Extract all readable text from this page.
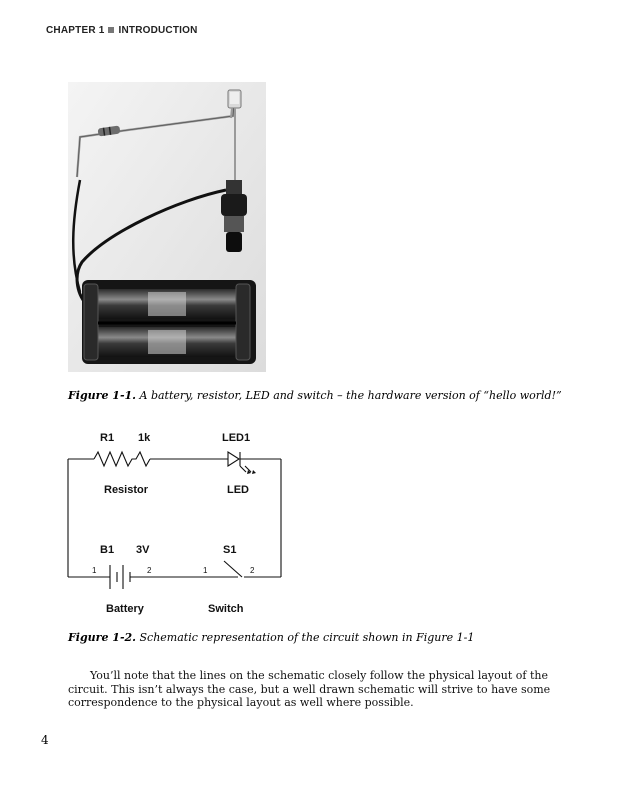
CHAPTER 1 INTRODUCTION
Figure 1-1. A battery, resistor, LED and switch – the hardware version of “hello world!”
R1 1k
Resistor
LED1
LED
B1 3V
1	2
Battery
S1
1	2
Switch
Figure 1-2. Schematic representation of the circuit shown in Figure 1-1

You’ll note that the lines on the schematic closely follow the physical layout of the circuit. This isn’t always the case, but a well drawn schematic will strive to have some correspondence to the physical layout as well where possible.

4
